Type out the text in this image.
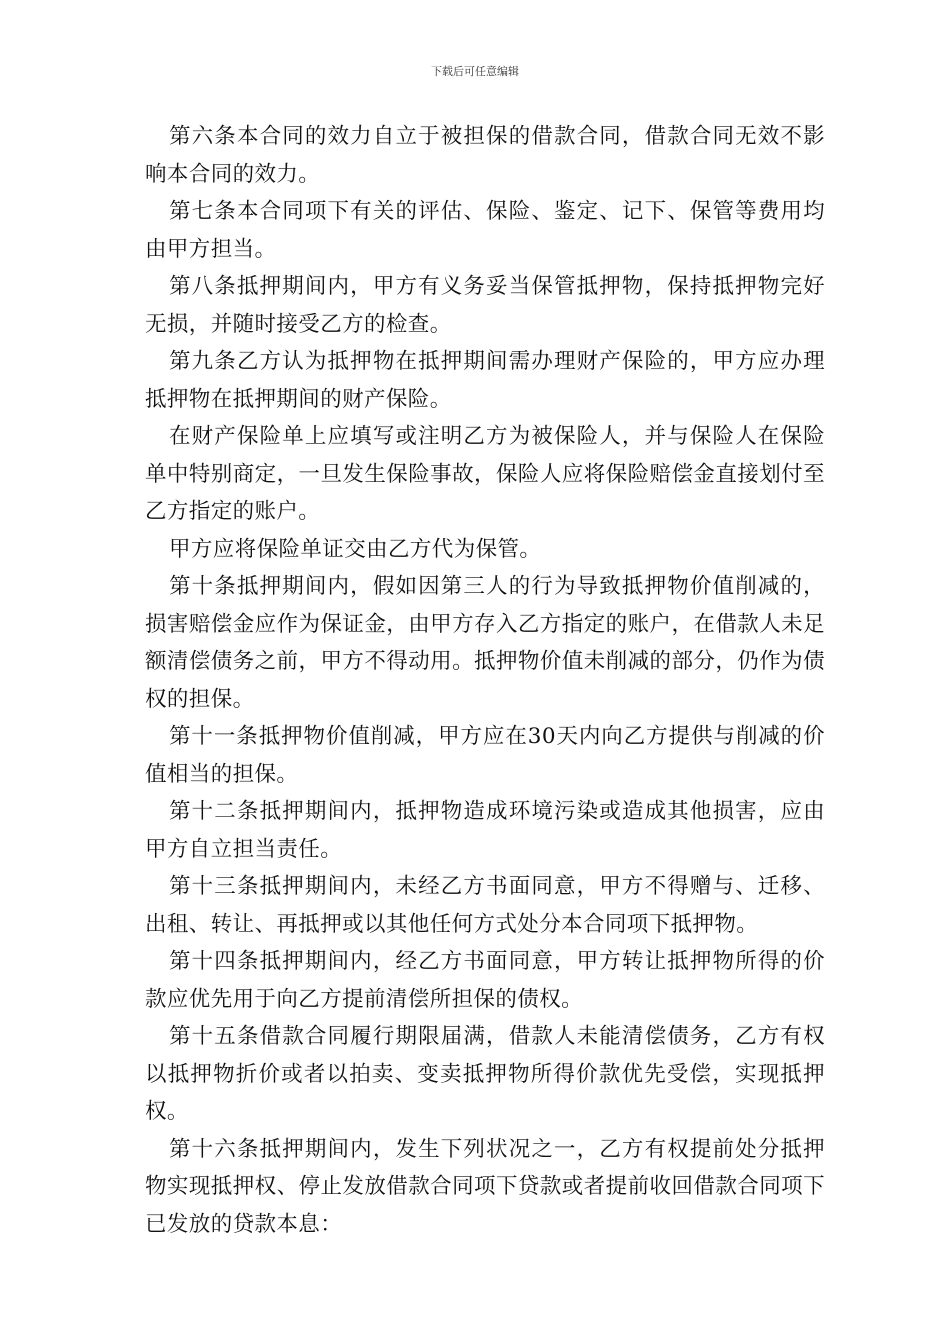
下载后可任意编辑

第六条本合同的效力自立于被担保的借款合同，借款合同无效不影响本合同的效力。

第七条本合同项下有关的评估、保险、鉴定、记下、保管等费用均由甲方担当。

第八条抵押期间内，甲方有义务妥当保管抵押物，保持抵押物完好无损，并随时接受乙方的检查。

第九条乙方认为抵押物在抵押期间需办理财产保险的，甲方应办理抵押物在抵押期间的财产保险。

在财产保险单上应填写或注明乙方为被保险人，并与保险人在保险单中特别商定，一旦发生保险事故，保险人应将保险赔偿金直接划付至乙方指定的账户。

甲方应将保险单证交由乙方代为保管。

第十条抵押期间内，假如因第三人的行为导致抵押物价值削减的，损害赔偿金应作为保证金，由甲方存入乙方指定的账户，在借款人未足额清偿债务之前，甲方不得动用。抵押物价值未削减的部分，仍作为债权的担保。

第十一条抵押物价值削减，甲方应在30天内向乙方提供与削减的价值相当的担保。

第十二条抵押期间内，抵押物造成环境污染或造成其他损害，应由甲方自立担当责任。

第十三条抵押期间内，未经乙方书面同意，甲方不得赠与、迁移、出租、转让、再抵押或以其他任何方式处分本合同项下抵押物。

第十四条抵押期间内，经乙方书面同意，甲方转让抵押物所得的价款应优先用于向乙方提前清偿所担保的债权。

第十五条借款合同履行期限届满，借款人未能清偿债务，乙方有权以抵押物折价或者以拍卖、变卖抵押物所得价款优先受偿，实现抵押权。

第十六条抵押期间内，发生下列状况之一，乙方有权提前处分抵押物实现抵押权、停止发放借款合同项下贷款或者提前收回借款合同项下已发放的贷款本息：
